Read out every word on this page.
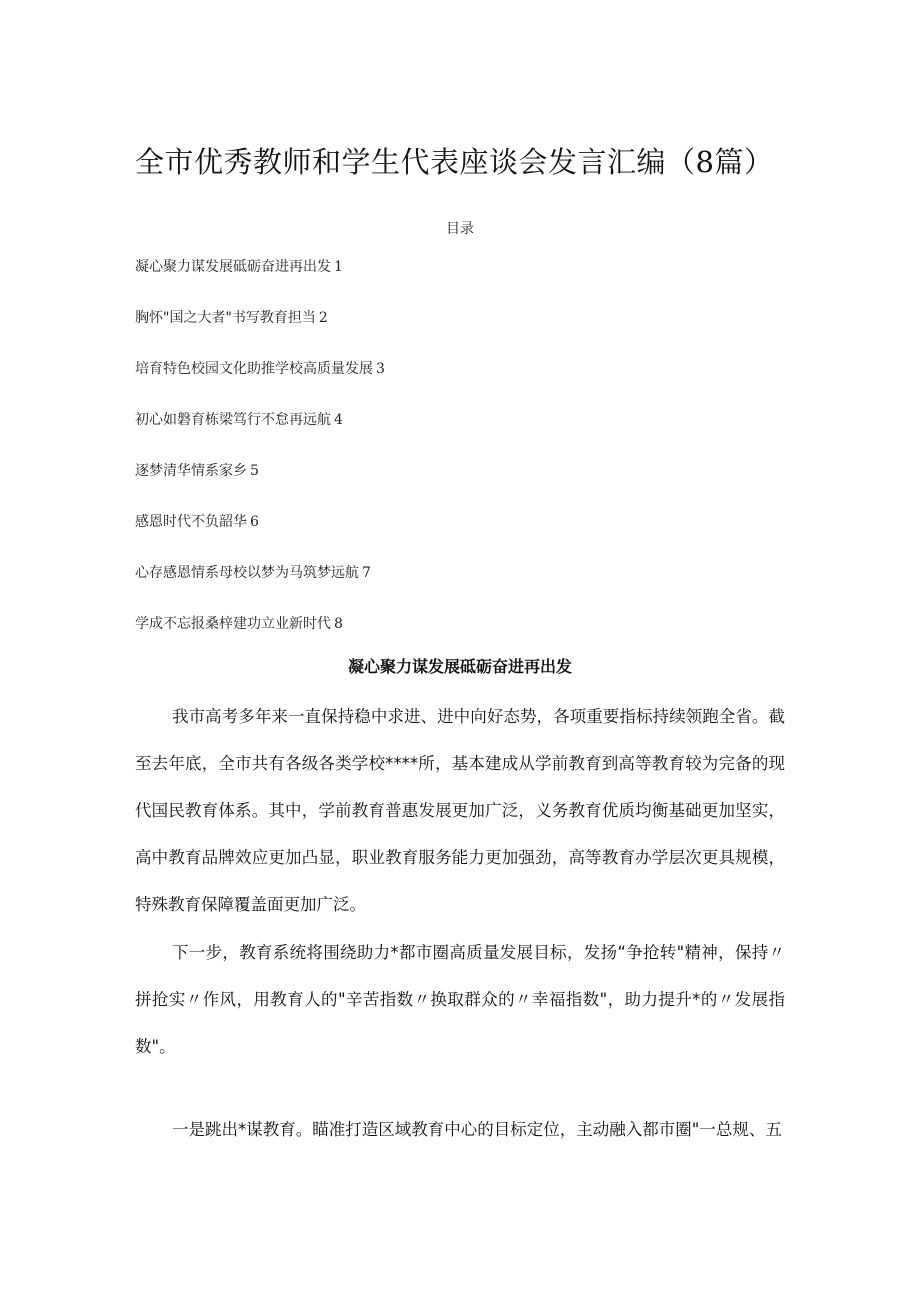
全市优秀教师和学生代表座谈会发言汇编（8篇）
目录
凝心聚力谋发展砥砺奋进再出发 1
胸怀"国之大者"书写教育担当 2
培育特色校园文化助推学校高质量发展 3
初心如磐育栋梁笃行不怠再远航 4
逐梦清华情系家乡 5
感恩时代不负韶华 6
心存感恩情系母校以梦为马筑梦远航 7
学成不忘报桑梓建功立业新时代 8
凝心聚力谋发展砥砺奋进再出发

我市高考多年来一直保持稳中求进、进中向好态势，各项重要指标持续领跑全省。截至去年底，全市共有各级各类学校****所，基本建成从学前教育到高等教育较为完备的现代国民教育体系。其中，学前教育普惠发展更加广泛，义务教育优质均衡基础更加坚实，高中教育品牌效应更加凸显，职业教育服务能力更加强劲，高等教育办学层次更具规模，特殊教育保障覆盖面更加广泛。

下一步，教育系统将围绕助力*都市圈高质量发展目标，发扬“争抢转"精神，保持〃拼抢实〃作风，用教育人的"辛苦指数〃换取群众的〃幸福指数"，助力提升*的〃发展指数"。

一是跳出*谋教育。瞄准打造区域教育中心的目标定位，主动融入都市圈"一总规、五
